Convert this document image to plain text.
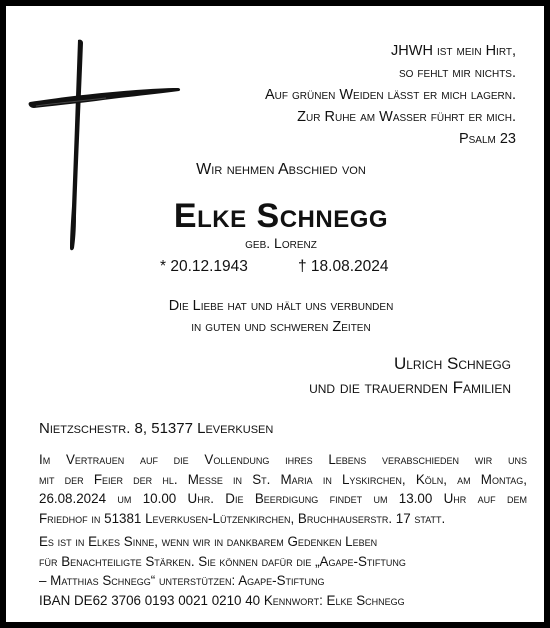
JHWH ist mein Hirt,
so fehlt mir nichts.
Auf grünen Weiden lässt er mich lagern.
Zur Ruhe am Wasser führt er mich.
Psalm 23
Wir nehmen Abschied von
Elke Schnegg
geb. Lorenz
* 20.12.1943	† 18.08.2024
Die Liebe hat und hält uns verbunden
in guten und schweren Zeiten
Ulrich Schnegg
und die trauernden Familien
Nietzschestr. 8, 51377 Leverkusen
Im Vertrauen auf die Vollendung ihres Lebens verabschieden wir uns
mit der Feier der hl. Messe in St. Maria in Lyskirchen, Köln, am Montag,
26.08.2024 um 10.00 Uhr. Die Beerdigung findet um 13.00 Uhr auf dem
Friedhof in 51381 Leverkusen-Lützenkirchen, Bruchhauserstr. 17 statt.
Es ist in Elkes Sinne, wenn wir in dankbarem Gedenken Leben
für Benachteiligte Stärken. Sie können dafür die „Agape-Stiftung
– Matthias Schnegg“ unterstützen: Agape-Stiftung
IBAN DE62 3706 0193 0021 0210 40 Kennwort: Elke Schnegg
